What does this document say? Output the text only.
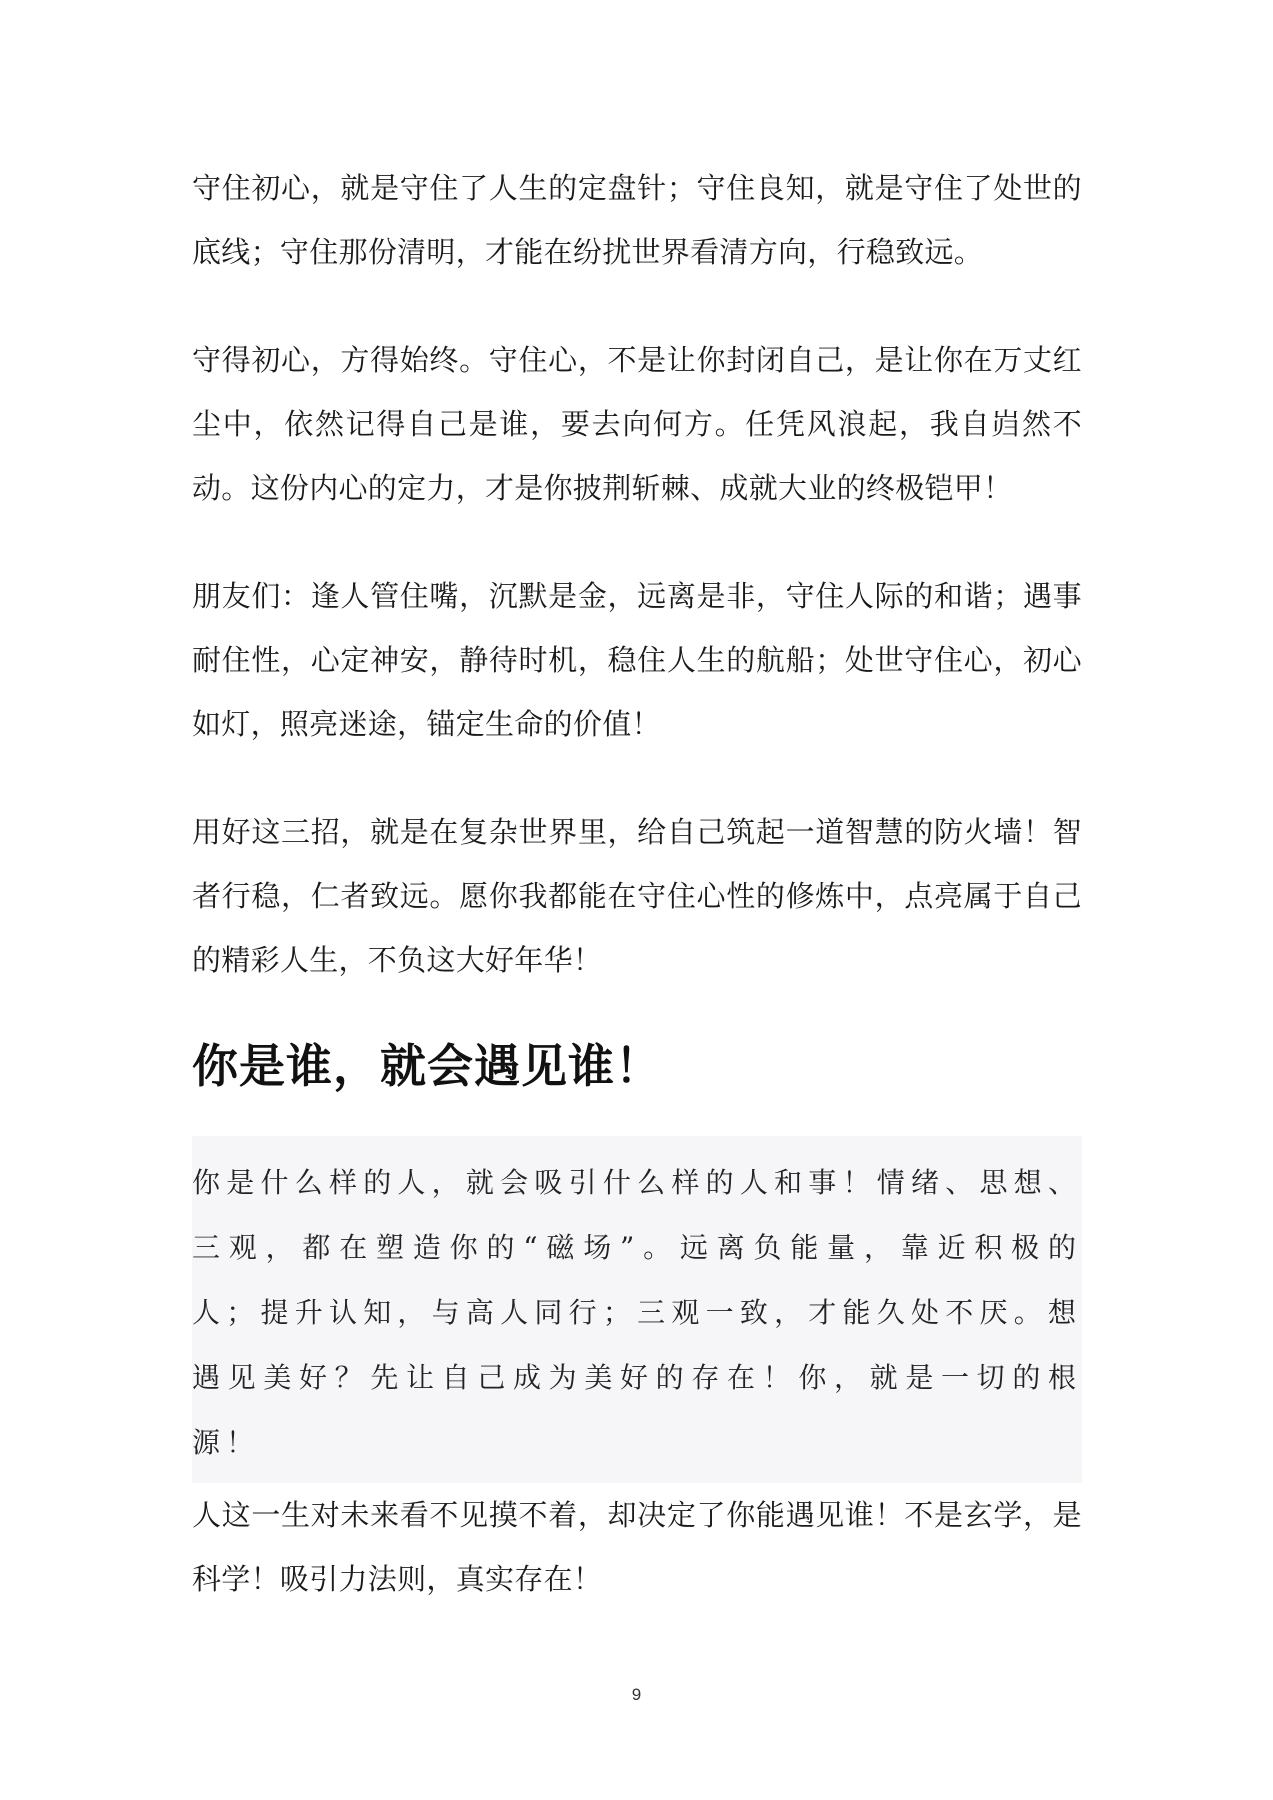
守住初心，就是守住了人生的定盘针；守住良知，就是守住了处世的底线；守住那份清明，才能在纷扰世界看清方向，行稳致远。

守得初心，方得始终。守住心，不是让你封闭自己，是让你在万丈红尘中，依然记得自己是谁，要去向何方。任凭风浪起，我自岿然不动。这份内心的定力，才是你披荆斩棘、成就大业的终极铠甲！

朋友们：逢人管住嘴，沉默是金，远离是非，守住人际的和谐；遇事耐住性，心定神安，静待时机，稳住人生的航船；处世守住心，初心如灯，照亮迷途，锚定生命的价值！

用好这三招，就是在复杂世界里，给自己筑起一道智慧的防火墙！智者行稳，仁者致远。愿你我都能在守住心性的修炼中，点亮属于自己的精彩人生，不负这大好年华！

你是谁，就会遇见谁！

你是什么样的人，就会吸引什么样的人和事！情绪、思想、三观，都在塑造你的“磁场”。远离负能量，靠近积极的人；提升认知，与高人同行；三观一致，才能久处不厌。想遇见美好？先让自己成为美好的存在！你，就是一切的根源！

人这一生对未来看不见摸不着，却决定了你能遇见谁！不是玄学，是科学！吸引力法则，真实存在！

9
